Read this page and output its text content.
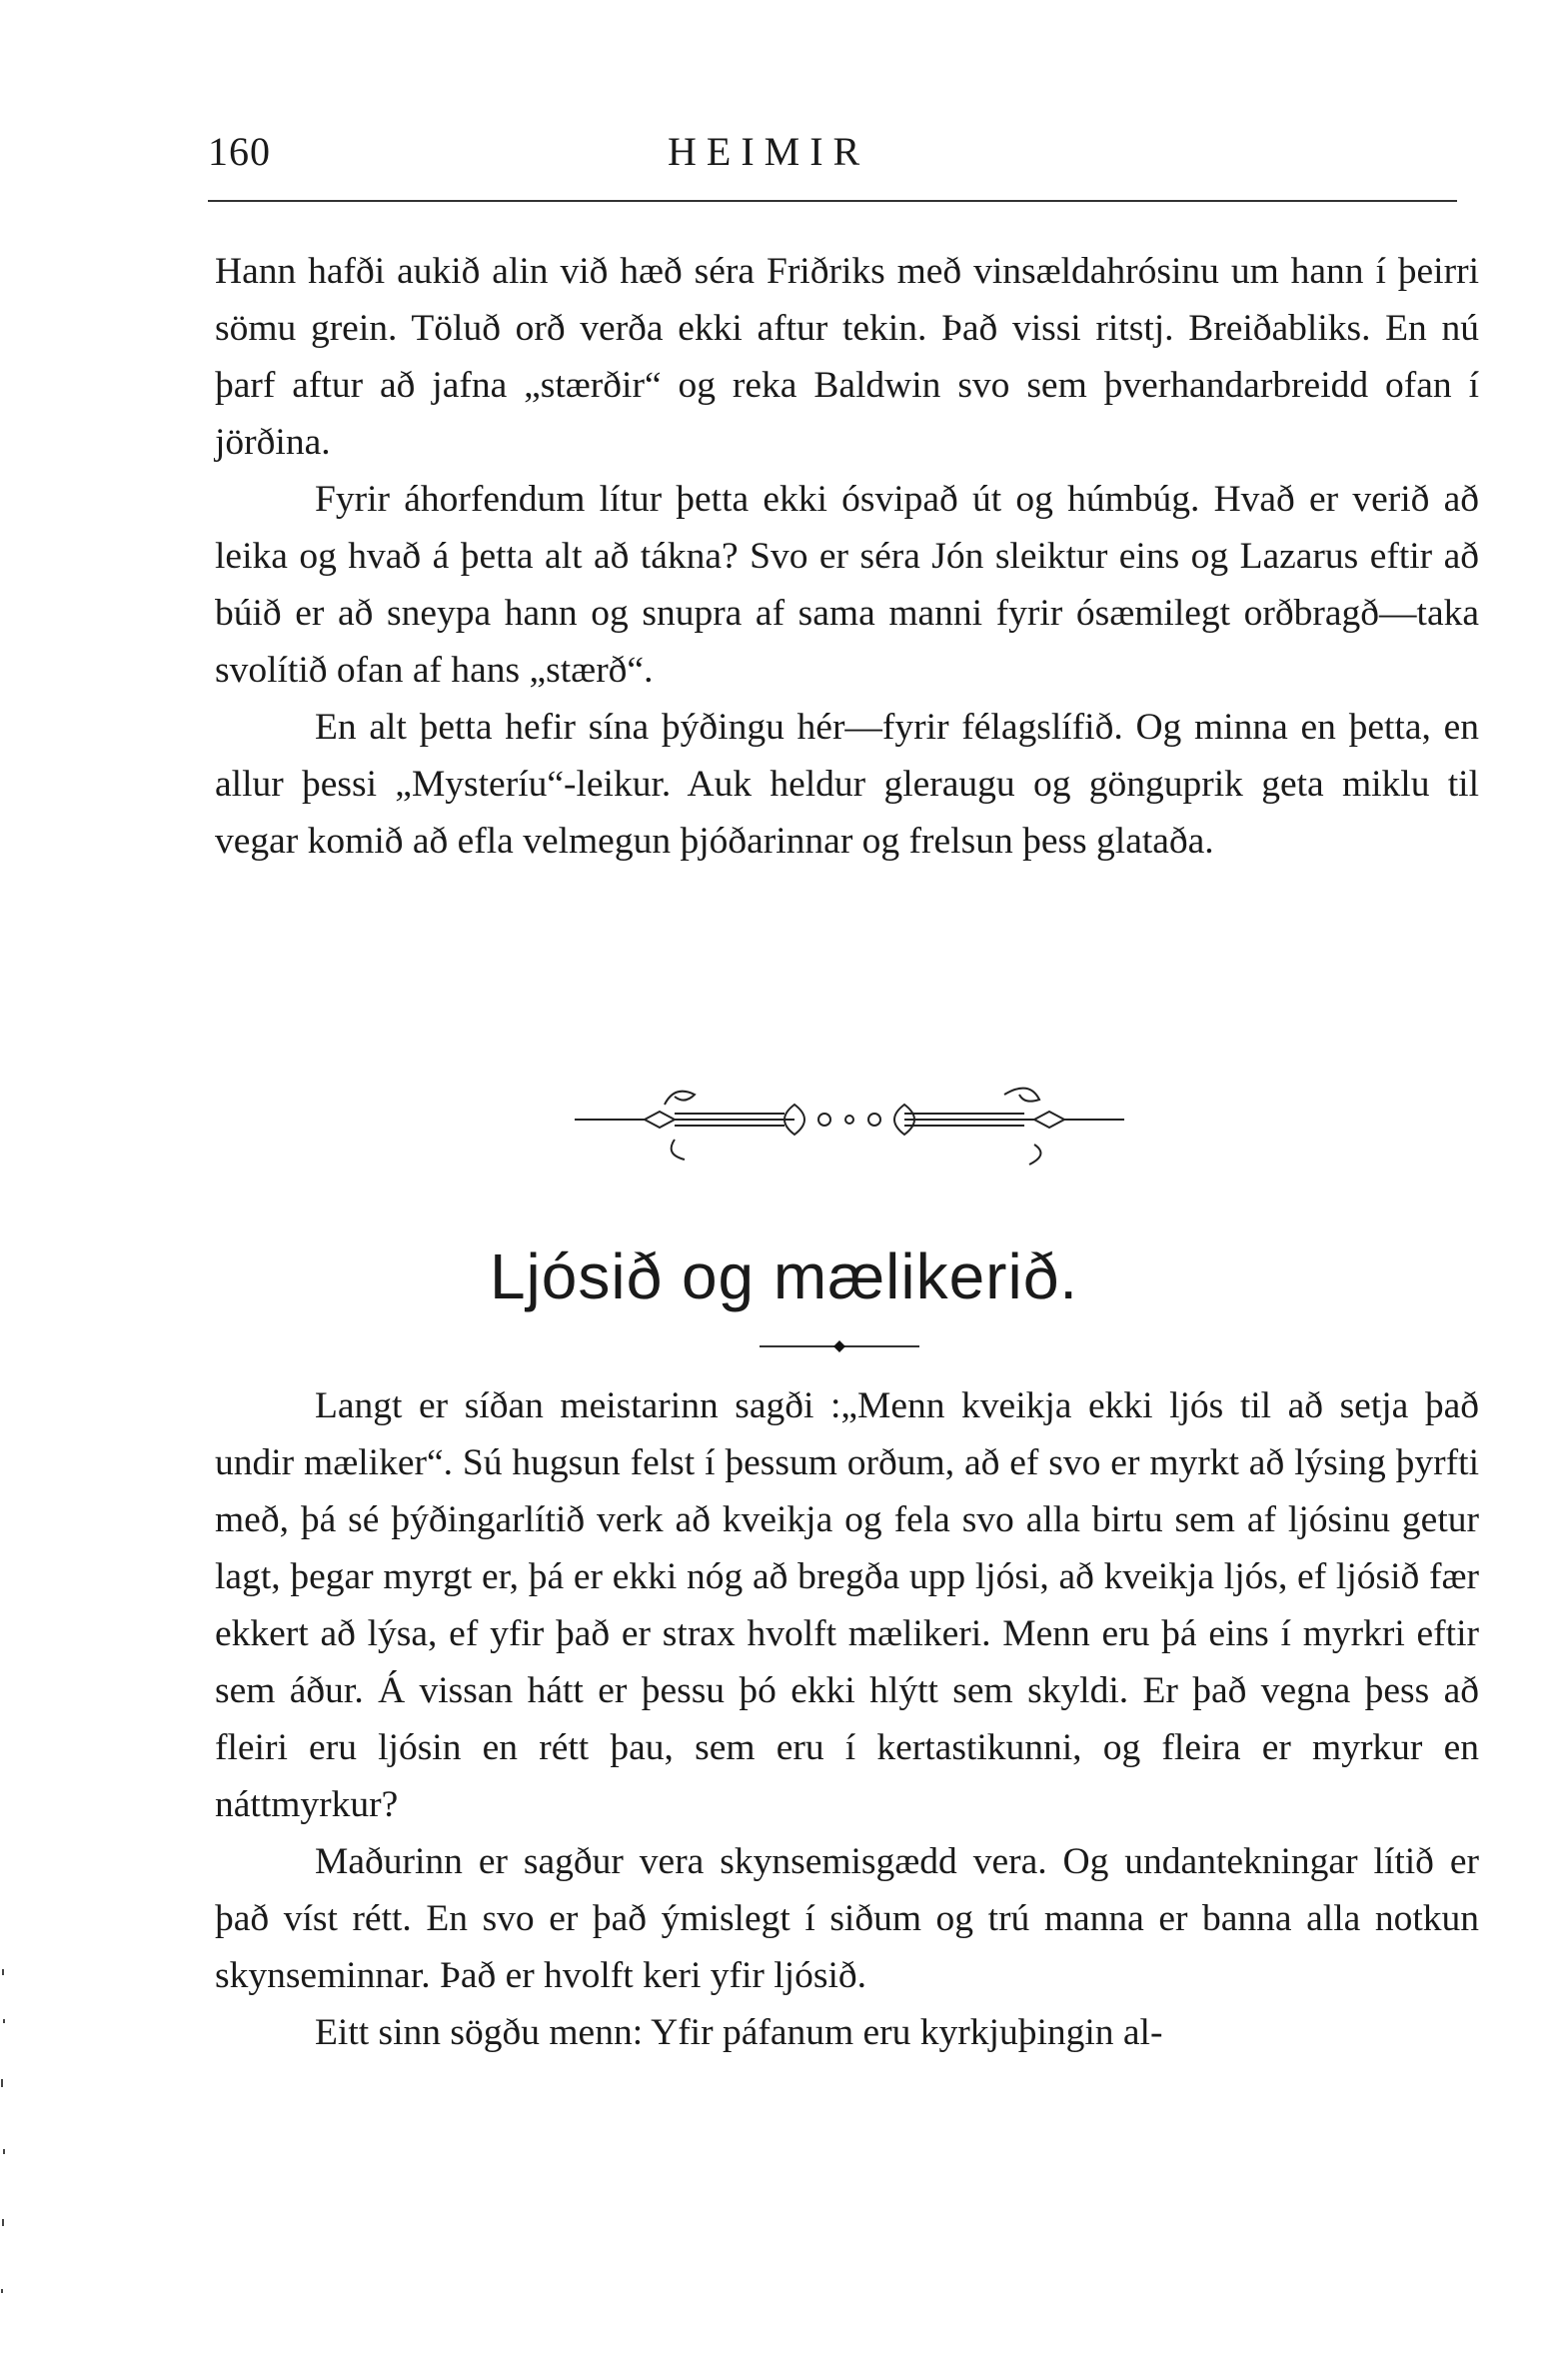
160	HEIMIR

Hann hafði aukið alin við hæð séra Friðriks með vinsældahrósinu um hann í þeirri sömu grein. Töluð orð verða ekki aftur tekin. Það vissi ritstj. Breiðabliks. En nú þarf aftur að jafna „stærðir“ og reka Baldwin svo sem þverhandarbreidd ofan í jörðina.

Fyrir áhorfendum lítur þetta ekki ósvipað út og húmbúg. Hvað er verið að leika og hvað á þetta alt að tákna? Svo er séra Jón sleiktur eins og Lazarus eftir að búið er að sneypa hann og snupra af sama manni fyrir ósæmilegt orðbragð—taka svolítið ofan af hans „stærð“.

En alt þetta hefir sína þýðingu hér—fyrir félagslífið. Og minna en þetta, en allur þessi „Mysteríu“-leikur. Auk heldur gleraugu og gönguprik geta miklu til vegar komið að efla velmegun þjóðarinnar og frelsun þess glataða.

Ljósið og mælikerið.

Langt er síðan meistarinn sagði :„Menn kveikja ekki ljós til að setja það undir mæliker“. Sú hugsun felst í þessum orðum, að ef svo er myrkt að lýsing þyrfti með, þá sé þýðingarlítið verk að kveikja og fela svo alla birtu sem af ljósinu getur lagt, þegar myrgt er, þá er ekki nóg að bregða upp ljósi, að kveikja ljós, ef ljósið fær ekkert að lýsa, ef yfir það er strax hvolft mælikeri. Menn eru þá eins í myrkri eftir sem áður. Á vissan hátt er þessu þó ekki hlýtt sem skyldi. Er það vegna þess að fleiri eru ljósin en rétt þau, sem eru í kertastikunni, og fleira er myrkur en náttmyrkur?

Maðurinn er sagður vera skynsemisgædd vera. Og undantekningar lítið er það víst rétt. En svo er það ýmislegt í siðum og trú manna er banna alla notkun skynseminnar. Það er hvolft keri yfir ljósið.

Eitt sinn sögðu menn: Yfir páfanum eru kyrkjuþingin al-
